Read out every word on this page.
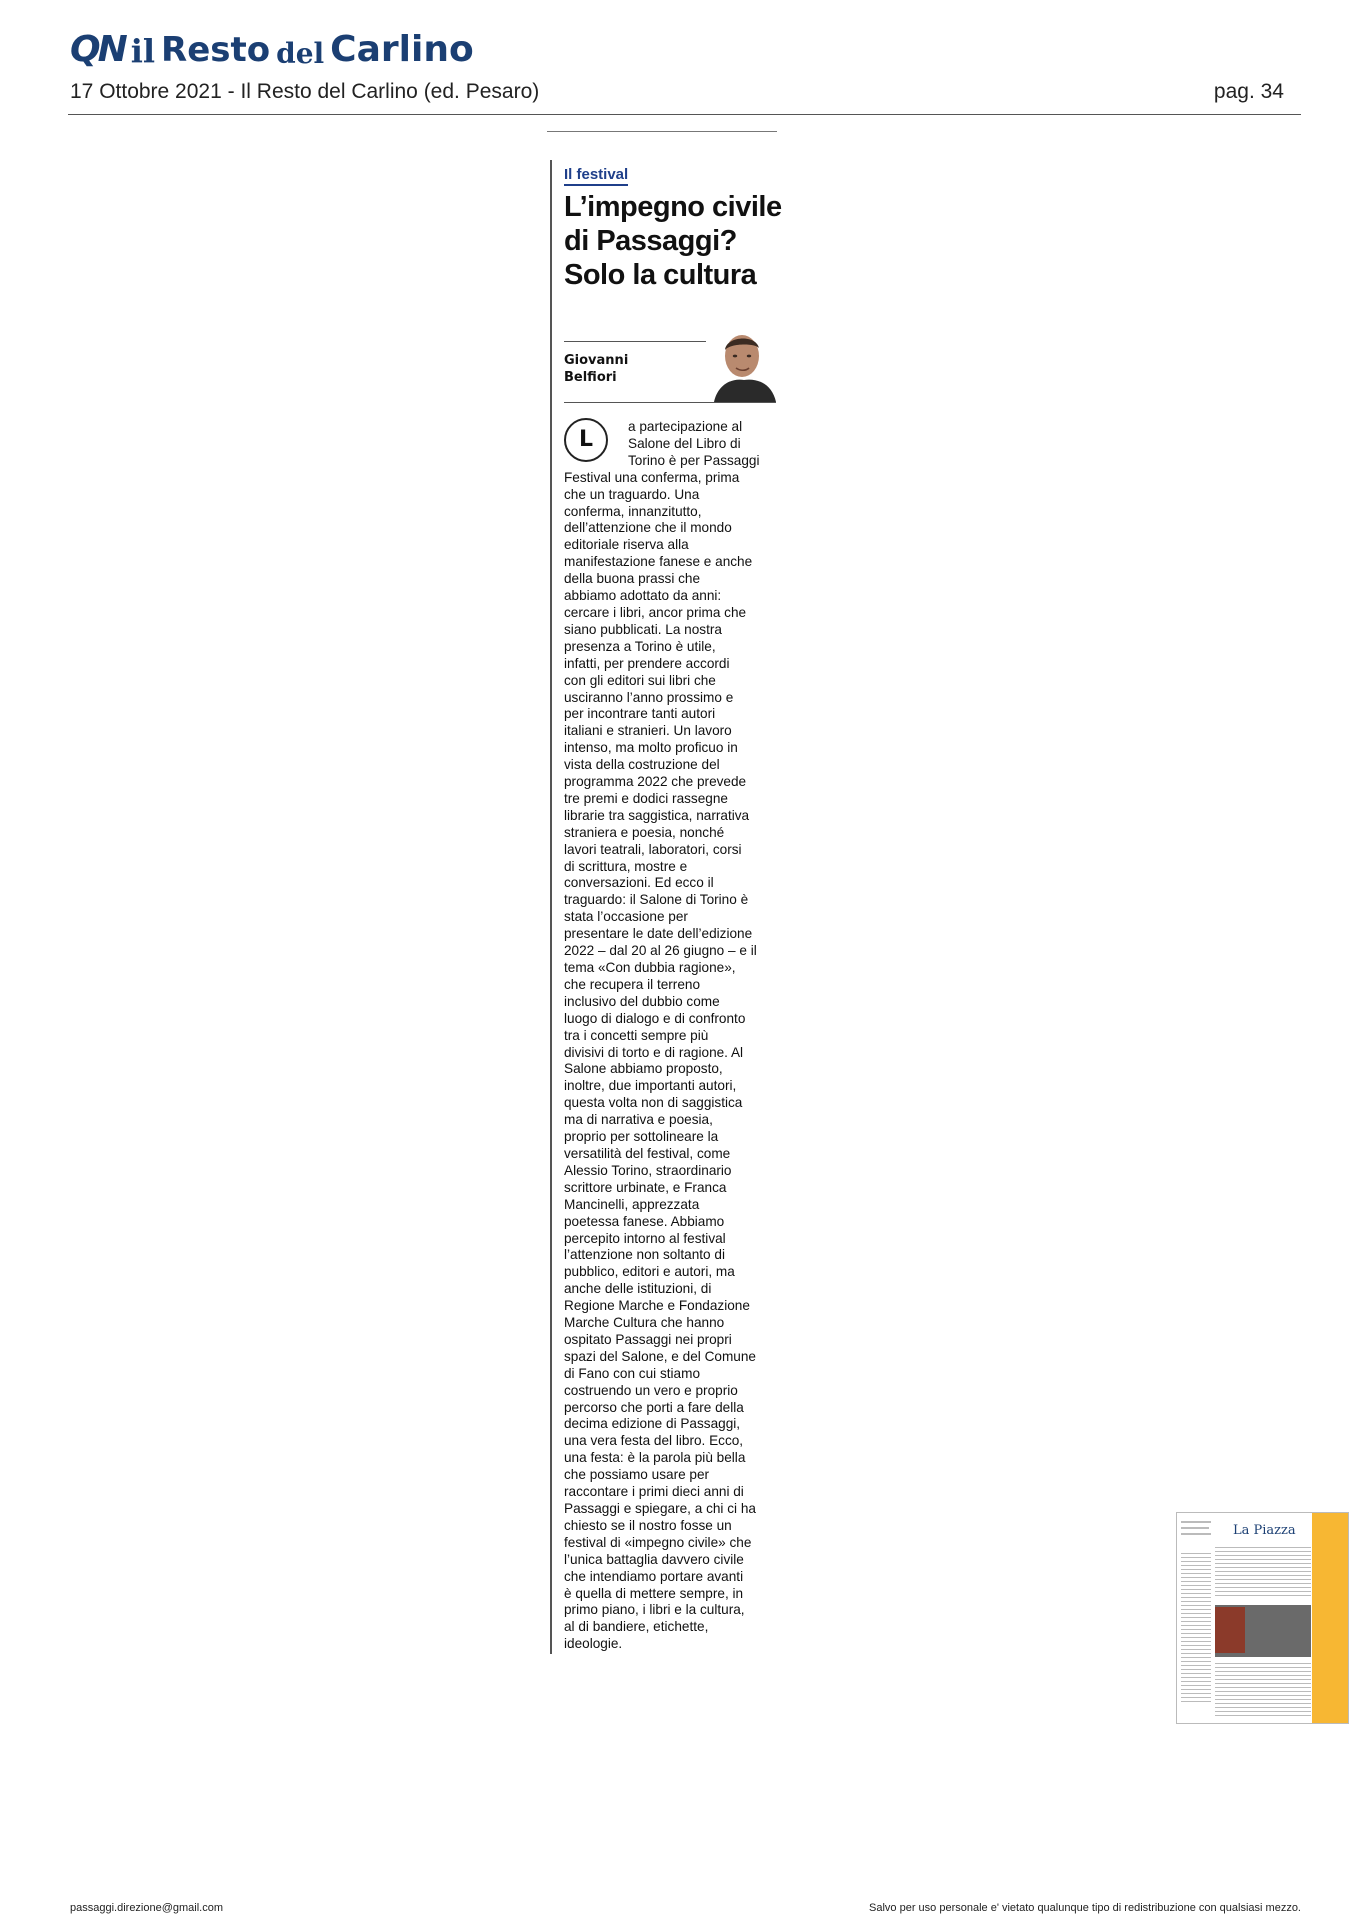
QN il Resto del Carlino
17 Ottobre 2021 - Il Resto del Carlino (ed. Pesaro)	pag. 34
Il festival
L’impegno civile
di Passaggi?
Solo la cultura
Giovanni
Belfiori
L
a partecipazione al
Salone del Libro di
Torino è per Passaggi
Festival una conferma, prima
che un traguardo. Una
conferma, innanzitutto,
dell’attenzione che il mondo
editoriale riserva alla
manifestazione fanese e anche
della buona prassi che
abbiamo adottato da anni:
cercare i libri, ancor prima che
siano pubblicati. La nostra
presenza a Torino è utile,
infatti, per prendere accordi
con gli editori sui libri che
usciranno l’anno prossimo e
per incontrare tanti autori
italiani e stranieri. Un lavoro
intenso, ma molto proficuo in
vista della costruzione del
programma 2022 che prevede
tre premi e dodici rassegne
librarie tra saggistica, narrativa
straniera e poesia, nonché
lavori teatrali, laboratori, corsi
di scrittura, mostre e
conversazioni. Ed ecco il
traguardo: il Salone di Torino è
stata l’occasione per
presentare le date dell’edizione
2022 – dal 20 al 26 giugno – e il
tema «Con dubbia ragione»,
che recupera il terreno
inclusivo del dubbio come
luogo di dialogo e di confronto
tra i concetti sempre più
divisivi di torto e di ragione. Al
Salone abbiamo proposto,
inoltre, due importanti autori,
questa volta non di saggistica
ma di narrativa e poesia,
proprio per sottolineare la
versatilità del festival, come
Alessio Torino, straordinario
scrittore urbinate, e Franca
Mancinelli, apprezzata
poetessa fanese. Abbiamo
percepito intorno al festival
l’attenzione non soltanto di
pubblico, editori e autori, ma
anche delle istituzioni, di
Regione Marche e Fondazione
Marche Cultura che hanno
ospitato Passaggi nei propri
spazi del Salone, e del Comune
di Fano con cui stiamo
costruendo un vero e proprio
percorso che porti a fare della
decima edizione di Passaggi,
una vera festa del libro. Ecco,
una festa: è la parola più bella
che possiamo usare per
raccontare i primi dieci anni di
Passaggi e spiegare, a chi ci ha
chiesto se il nostro fosse un
festival di «impegno civile» che
l’unica battaglia davvero civile
che intendiamo portare avanti
è quella di mettere sempre, in
primo piano, i libri e la cultura,
al di bandiere, etichette,
ideologie.
La Piazza
passaggi.direzione@gmail.com	Salvo per uso personale e' vietato qualunque tipo di redistribuzione con qualsiasi mezzo.
